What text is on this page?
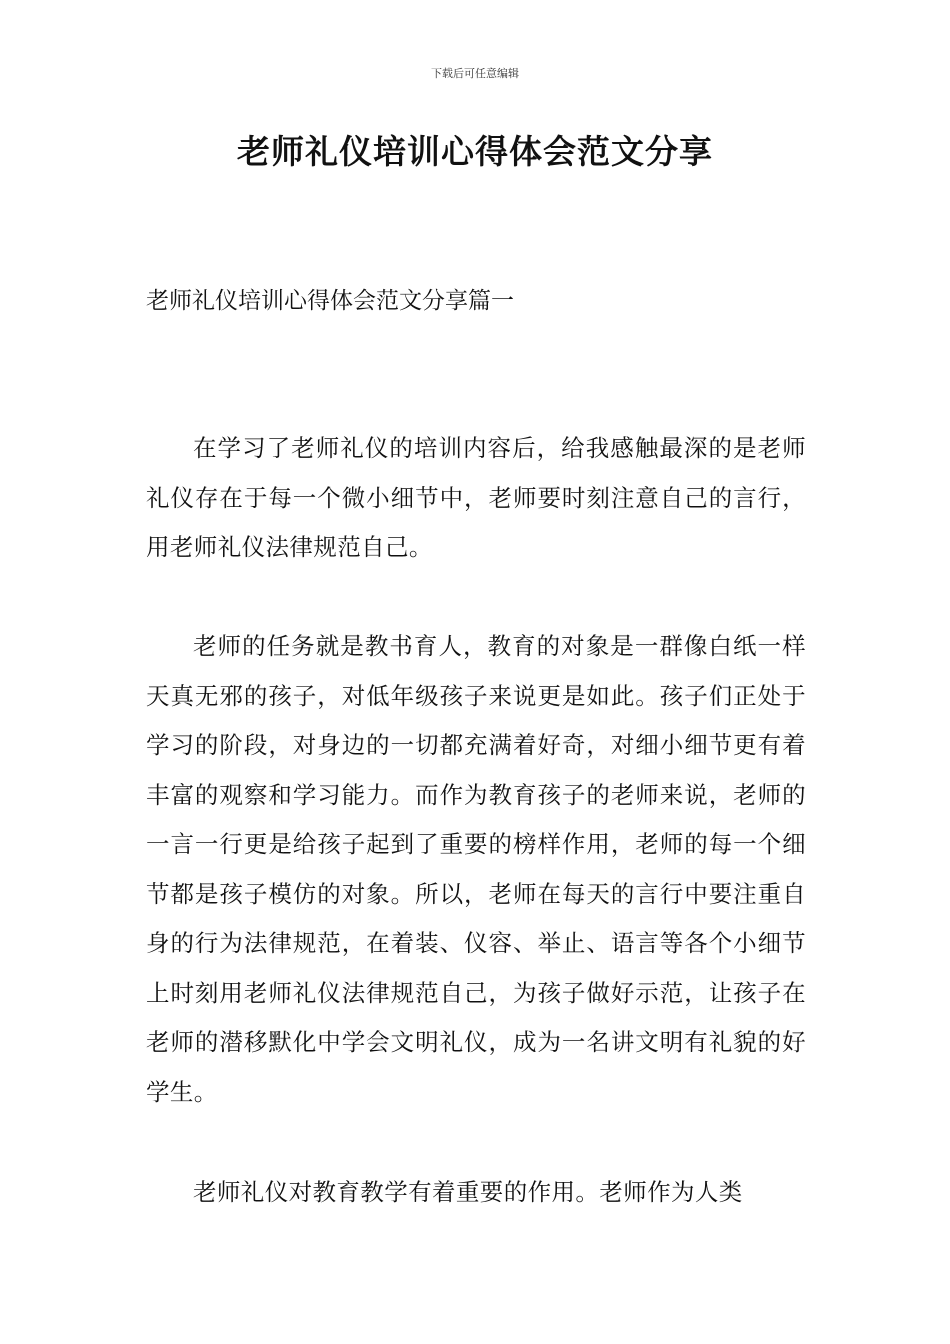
下载后可任意编辑
老师礼仪培训心得体会范文分享
老师礼仪培训心得体会范文分享篇一

在学习了老师礼仪的培训内容后，给我感触最深的是老师礼仪存在于每一个微小细节中，老师要时刻注意自己的言行，用老师礼仪法律规范自己。

老师的任务就是教书育人，教育的对象是一群像白纸一样天真无邪的孩子，对低年级孩子来说更是如此。孩子们正处于学习的阶段，对身边的一切都充满着好奇，对细小细节更有着丰富的观察和学习能力。而作为教育孩子的老师来说，老师的一言一行更是给孩子起到了重要的榜样作用，老师的每一个细节都是孩子模仿的对象。所以，老师在每天的言行中要注重自身的行为法律规范，在着装、仪容、举止、语言等各个小细节上时刻用老师礼仪法律规范自己，为孩子做好示范，让孩子在老师的潜移默化中学会文明礼仪，成为一名讲文明有礼貌的好学生。

老师礼仪对教育教学有着重要的作用。老师作为人类
